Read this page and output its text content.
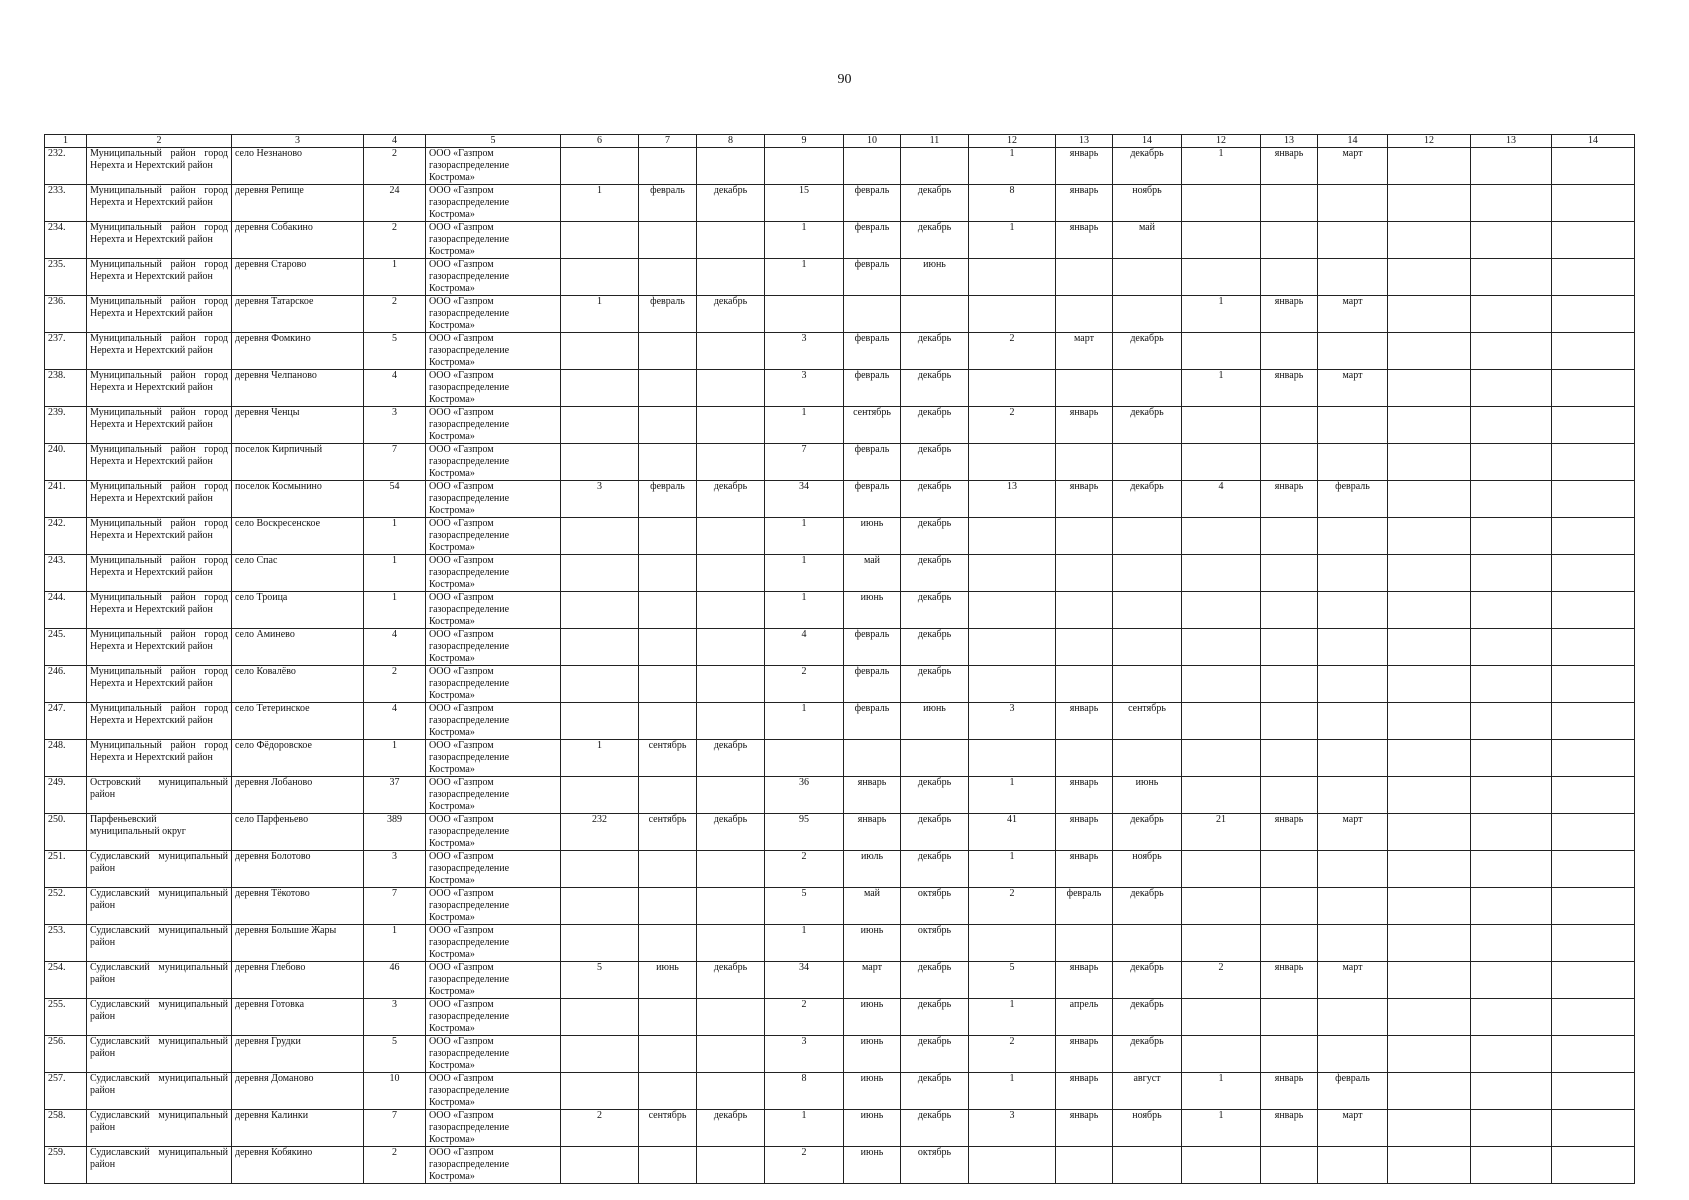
90
1	2	3	4	5	6	7	8	9	10	11	12	13	14	12	13	14	12	13	14
232.	Муниципальный район город Нерехта и Нерехтский район	село Незнаново	2	ООО «Газпром газораспределение Кострома»							1	январь	декабрь	1	январь	март			
233.	Муниципальный район город Нерехта и Нерехтский район	деревня Репище	24	ООО «Газпром газораспределение Кострома»	1	февраль	декабрь	15	февраль	декабрь	8	январь	ноябрь						
234.	Муниципальный район город Нерехта и Нерехтский район	деревня Собакино	2	ООО «Газпром газораспределение Кострома»				1	февраль	декабрь	1	январь	май						
235.	Муниципальный район город Нерехта и Нерехтский район	деревня Старово	1	ООО «Газпром газораспределение Кострома»				1	февраль	июнь									
236.	Муниципальный район город Нерехта и Нерехтский район	деревня Татарское	2	ООО «Газпром газораспределение Кострома»	1	февраль	декабрь							1	январь	март			
237.	Муниципальный район город Нерехта и Нерехтский район	деревня Фомкино	5	ООО «Газпром газораспределение Кострома»				3	февраль	декабрь	2	март	декабрь						
238.	Муниципальный район город Нерехта и Нерехтский район	деревня Челпаново	4	ООО «Газпром газораспределение Кострома»				3	февраль	декабрь				1	январь	март			
239.	Муниципальный район город Нерехта и Нерехтский район	деревня Ченцы	3	ООО «Газпром газораспределение Кострома»				1	сентябрь	декабрь	2	январь	декабрь						
240.	Муниципальный район город Нерехта и Нерехтский район	поселок Кирпичный	7	ООО «Газпром газораспределение Кострома»				7	февраль	декабрь									
241.	Муниципальный район город Нерехта и Нерехтский район	поселок Космынино	54	ООО «Газпром газораспределение Кострома»	3	февраль	декабрь	34	февраль	декабрь	13	январь	декабрь	4	январь	февраль			
242.	Муниципальный район город Нерехта и Нерехтский район	село Воскресенское	1	ООО «Газпром газораспределение Кострома»				1	июнь	декабрь									
243.	Муниципальный район город Нерехта и Нерехтский район	село Спас	1	ООО «Газпром газораспределение Кострома»				1	май	декабрь									
244.	Муниципальный район город Нерехта и Нерехтский район	село Троица	1	ООО «Газпром газораспределение Кострома»				1	июнь	декабрь									
245.	Муниципальный район город Нерехта и Нерехтский район	село Аминево	4	ООО «Газпром газораспределение Кострома»				4	февраль	декабрь									
246.	Муниципальный район город Нерехта и Нерехтский район	село Ковалёво	2	ООО «Газпром газораспределение Кострома»				2	февраль	декабрь									
247.	Муниципальный район город Нерехта и Нерехтский район	село Тетеринское	4	ООО «Газпром газораспределение Кострома»				1	февраль	июнь	3	январь	сентябрь						
248.	Муниципальный район город Нерехта и Нерехтский район	село Фёдоровское	1	ООО «Газпром газораспределение Кострома»	1	сентябрь	декабрь												
249.	Островский муниципальный район	деревня Лобаново	37	ООО «Газпром газораспределение Кострома»				36	январь	декабрь	1	январь	июнь						
250.	Парфеньевский муниципальный округ	село Парфеньево	389	ООО «Газпром газораспределение Кострома»	232	сентябрь	декабрь	95	январь	декабрь	41	январь	декабрь	21	январь	март			
251.	Судиславский муниципальный район	деревня Болотово	3	ООО «Газпром газораспределение Кострома»				2	июль	декабрь	1	январь	ноябрь						
252.	Судиславский муниципальный район	деревня Тёкотово	7	ООО «Газпром газораспределение Кострома»				5	май	октябрь	2	февраль	декабрь						
253.	Судиславский муниципальный район	деревня Большие Жары	1	ООО «Газпром газораспределение Кострома»				1	июнь	октябрь									
254.	Судиславский муниципальный район	деревня Глебово	46	ООО «Газпром газораспределение Кострома»	5	июнь	декабрь	34	март	декабрь	5	январь	декабрь	2	январь	март			
255.	Судиславский муниципальный район	деревня Готовка	3	ООО «Газпром газораспределение Кострома»				2	июнь	декабрь	1	апрель	декабрь						
256.	Судиславский муниципальный район	деревня Грудки	5	ООО «Газпром газораспределение Кострома»				3	июнь	декабрь	2	январь	декабрь						
257.	Судиславский муниципальный район	деревня Доманово	10	ООО «Газпром газораспределение Кострома»				8	июнь	декабрь	1	январь	август	1	январь	февраль			
258.	Судиславский муниципальный район	деревня Калинки	7	ООО «Газпром газораспределение Кострома»	2	сентябрь	декабрь	1	июнь	декабрь	3	январь	ноябрь	1	январь	март			
259.	Судиславский муниципальный район	деревня Кобякино	2	ООО «Газпром газораспределение Кострома»				2	июнь	октябрь									
